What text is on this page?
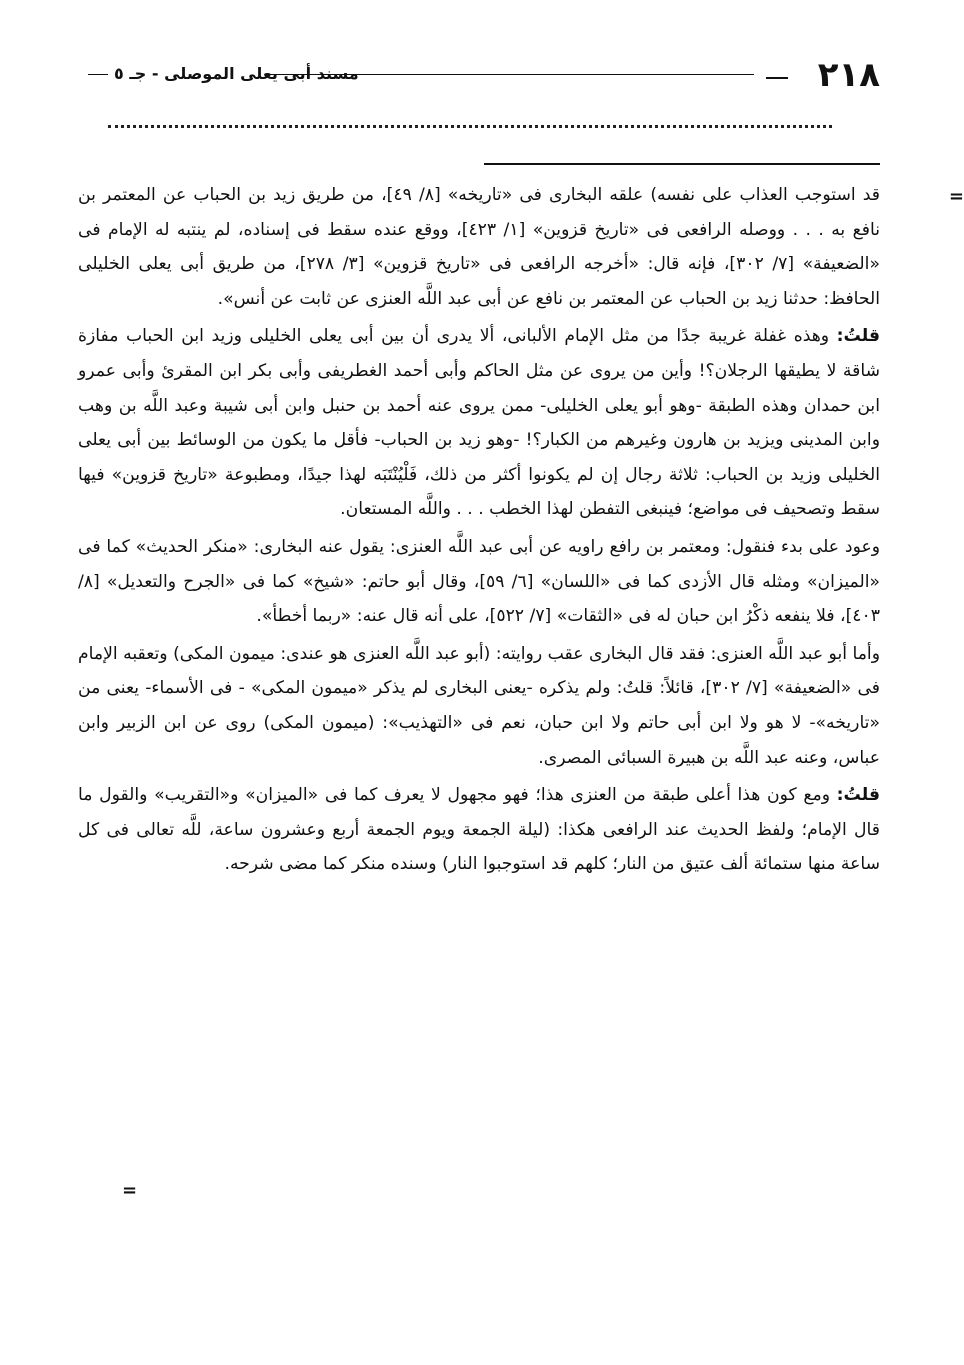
٢١٨
مسند أبى يعلى الموصلى - جـ ٥
=

قد استوجب العذاب على نفسه) علقه البخارى فى «تاريخه» [٨/ ٤٩]، من طريق زيد بن الحباب عن المعتمر بن نافع به . . . ووصله الرافعى فى «تاريخ قزوين» [١/ ٤٢٣]، ووقع عنده سقط فى إسناده، لم ينتبه له الإمام فى «الضعيفة» [٧/ ٣٠٢]، فإنه قال: «أخرجه الرافعى فى «تاريخ قزوين» [٣/ ٢٧٨]، من طريق أبى يعلى الخليلى الحافظ: حدثنا زيد بن الحباب عن المعتمر بن نافع عن أبى عبد اللَّه العنزى عن ثابت عن أنس».

قلتُ: وهذه غفلة غريبة جدًا من مثل الإمام الألبانى، ألا يدرى أن بين أبى يعلى الخليلى وزيد ابن الحباب مفازة شاقة لا يطيقها الرجلان؟! وأين من يروى عن مثل الحاكم وأبى أحمد الغطريفى وأبى بكر ابن المقرئ وأبى عمرو ابن حمدان وهذه الطبقة -وهو أبو يعلى الخليلى- ممن يروى عنه أحمد بن حنبل وابن أبى شيبة وعبد اللَّه بن وهب وابن المدينى ويزيد بن هارون وغيرهم من الكبار؟! -وهو زيد بن الحباب- فأقل ما يكون من الوسائط بين أبى يعلى الخليلى وزيد بن الحباب: ثلاثة رجال إن لم يكونوا أكثر من ذلك، فَلْيُنْتَبَه لهذا جيدًا، ومطبوعة «تاريخ قزوين» فيها سقط وتصحيف فى مواضع؛ فينبغى التفطن لهذا الخطب . . . واللَّه المستعان.

وعود على بدء فنقول: ومعتمر بن رافع راويه عن أبى عبد اللَّه العنزى: يقول عنه البخارى: «منكر الحديث» كما فى «الميزان» ومثله قال الأزدى كما فى «اللسان» [٦/ ٥٩]، وقال أبو حاتم: «شيخ» كما فى «الجرح والتعديل» [٨/ ٤٠٣]، فلا ينفعه ذكْرُ ابن حبان له فى «الثقات» [٧/ ٥٢٢]، على أنه قال عنه: «ربما أخطأ».

وأما أبو عبد اللَّه العنزى: فقد قال البخارى عقب روايته: (أبو عبد اللَّه العنزى هو عندى: ميمون المكى) وتعقبه الإمام فى «الضعيفة» [٧/ ٣٠٢]، قائلاً: قلتُ: ولم يذكره -يعنى البخارى لم يذكر «ميمون المكى» - فى الأسماء- يعنى من «تاريخه»- لا هو ولا ابن أبى حاتم ولا ابن حبان، نعم فى «التهذيب»: (ميمون المكى) روى عن ابن الزبير وابن عباس، وعنه عبد اللَّه بن هبيرة السبائى المصرى.

قلتُ: ومع كون هذا أعلى طبقة من العنزى هذا؛ فهو مجهول لا يعرف كما فى «الميزان» و«التقريب» والقول ما قال الإمام؛ ولفظ الحديث عند الرافعى هكذا: (ليلة الجمعة ويوم الجمعة أربع وعشرون ساعة، للَّه تعالى فى كل ساعة منها ستمائة ألف عتيق من النار؛ كلهم قد استوجبوا النار) وسنده منكر كما مضى شرحه.

=
